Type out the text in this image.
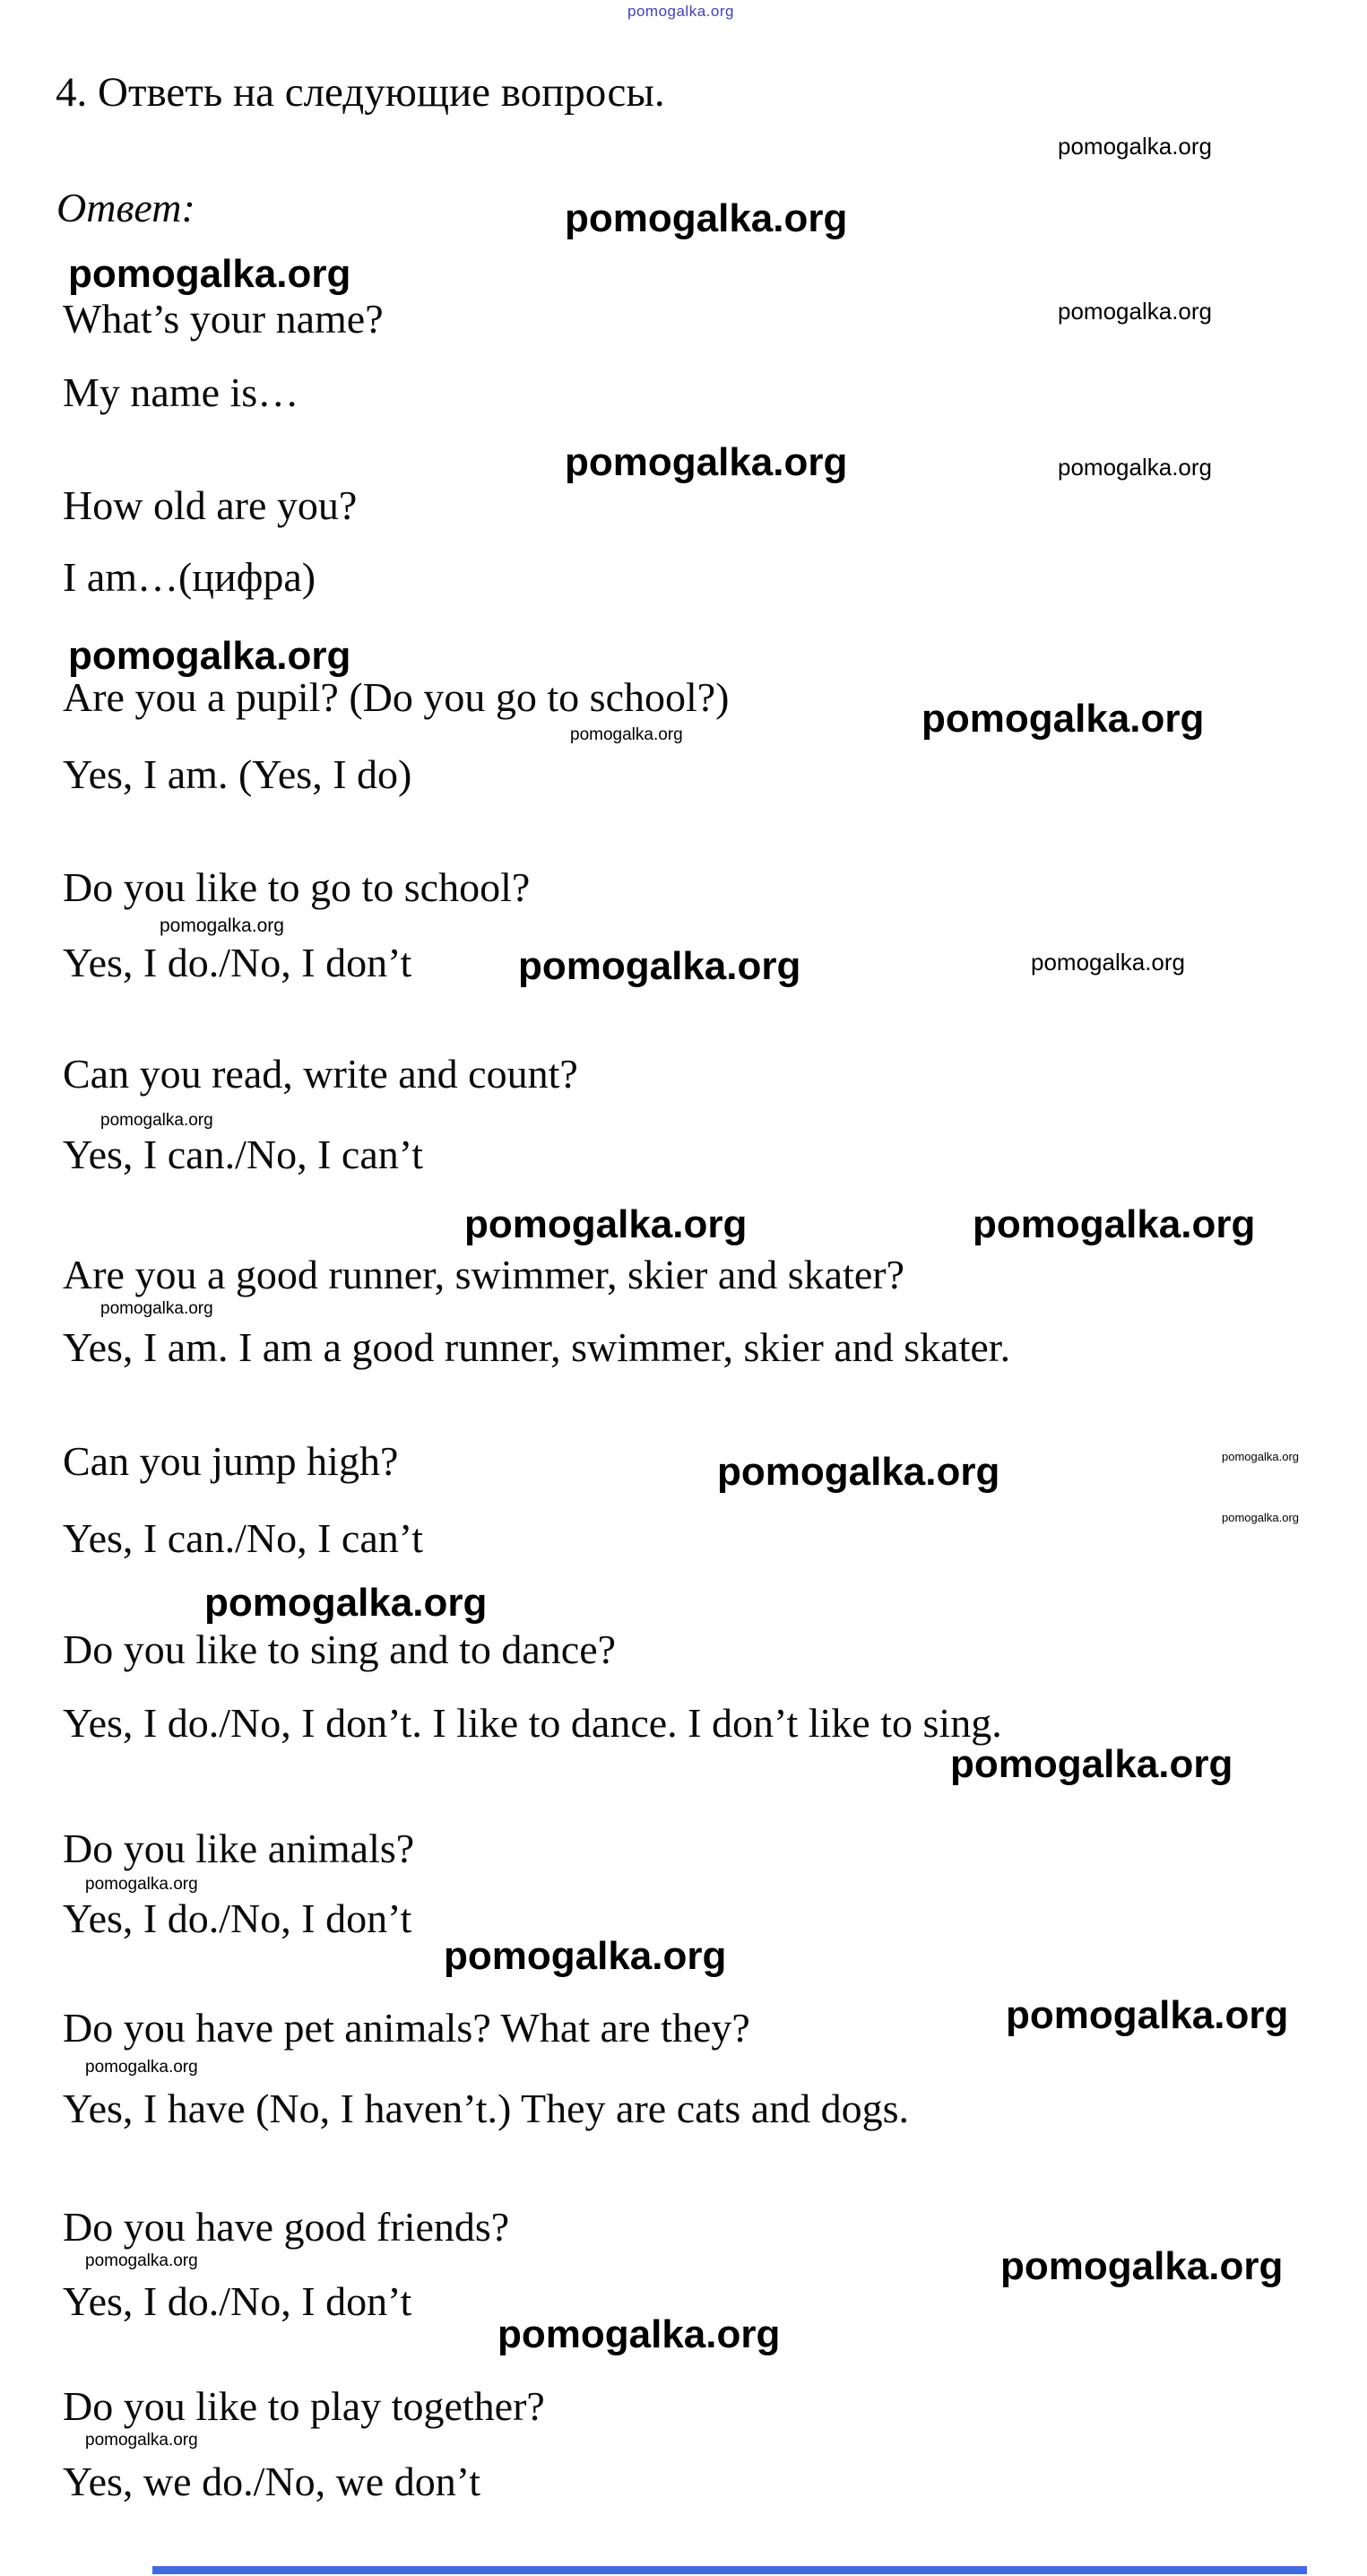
pomogalka.org
4. Ответь на следующие вопросы.
Ответ:
What’s your name?
My name is…
How old are you?
I am…(цифра)
Are you a pupil? (Do you go to school?)
Yes, I am. (Yes, I do)
Do you like to go to school?
Yes, I do./No, I don’t
Can you read, write and count?
Yes, I can./No, I can’t
Are you a good runner, swimmer, skier and skater?
Yes, I am. I am a good runner, swimmer, skier and skater.
Can you jump high?
Yes, I can./No, I can’t
Do you like to sing and to dance?
Yes, I do./No, I don’t. I like to dance. I don’t like to sing.
Do you like animals?
Yes, I do./No, I don’t
Do you have pet animals? What are they?
Yes, I have (No, I haven’t.) They are cats and dogs.
Do you have good friends?
Yes, I do./No, I don’t
Do you like to play together?
Yes, we do./No, we don’t
pomogalka.org
pomogalka.org
pomogalka.org
pomogalka.org
pomogalka.org	pomogalka.org
pomogalka.org
pomogalka.org	pomogalka.org
pomogalka.org
pomogalka.org	pomogalka.org
pomogalka.org
pomogalka.org	pomogalka.org
pomogalka.org
pomogalka.org	pomogalka.org
pomogalka.org
pomogalka.org
pomogalka.org
pomogalka.org
pomogalka.org
pomogalka.org
pomogalka.org
pomogalka.org	pomogalka.org
pomogalka.org
pomogalka.org
